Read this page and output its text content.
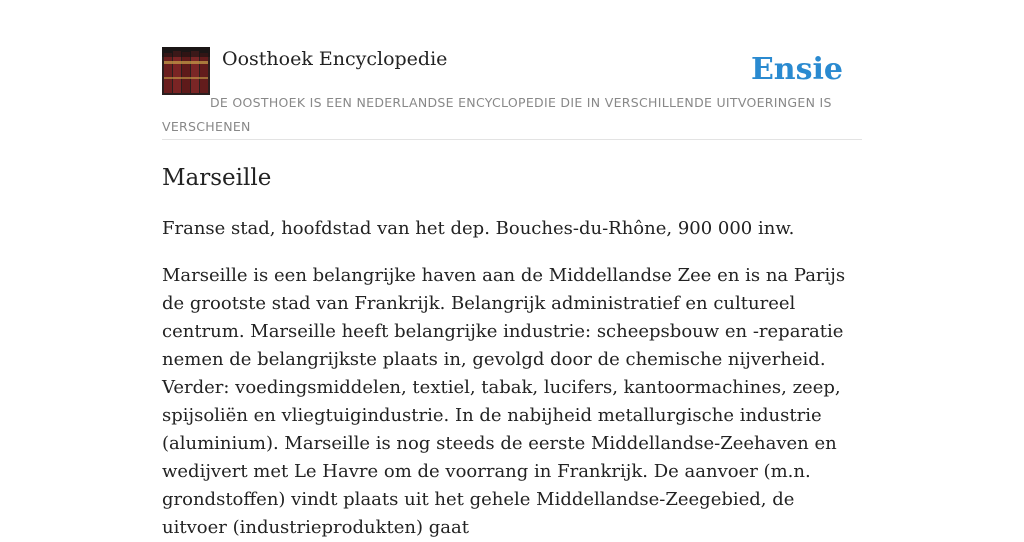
Oosthoek Encyclopedie	Ensie
DE OOSTHOEK IS EEN NEDERLANDSE ENCYCLOPEDIE DIE IN VERSCHILLENDE UITVOERINGEN IS VERSCHENEN
Marseille

Franse stad, hoofdstad van het dep. Bouches-du-Rhône, 900 000 inw.

Marseille is een belangrijke haven aan de Middellandse Zee en is na Parijs de grootste stad van Frankrijk. Belangrijk administratief en cultureel centrum. Marseille heeft belangrijke industrie: scheepsbouw en -reparatie nemen de belangrijkste plaats in, gevolgd door de chemische nijverheid. Verder: voedingsmiddelen, textiel, tabak, lucifers, kantoormachines, zeep, spijsoliën en vliegtuigindustrie. In de nabijheid metallurgische industrie (aluminium). Marseille is nog steeds de eerste Middellandse-Zeehaven en wedijvert met Le Havre om de voorrang in Frankrijk. De aanvoer (m.n. grondstoffen) vindt plaats uit het gehele Middellandse-Zeegebied, de uitvoer (industrieprodukten) gaat
